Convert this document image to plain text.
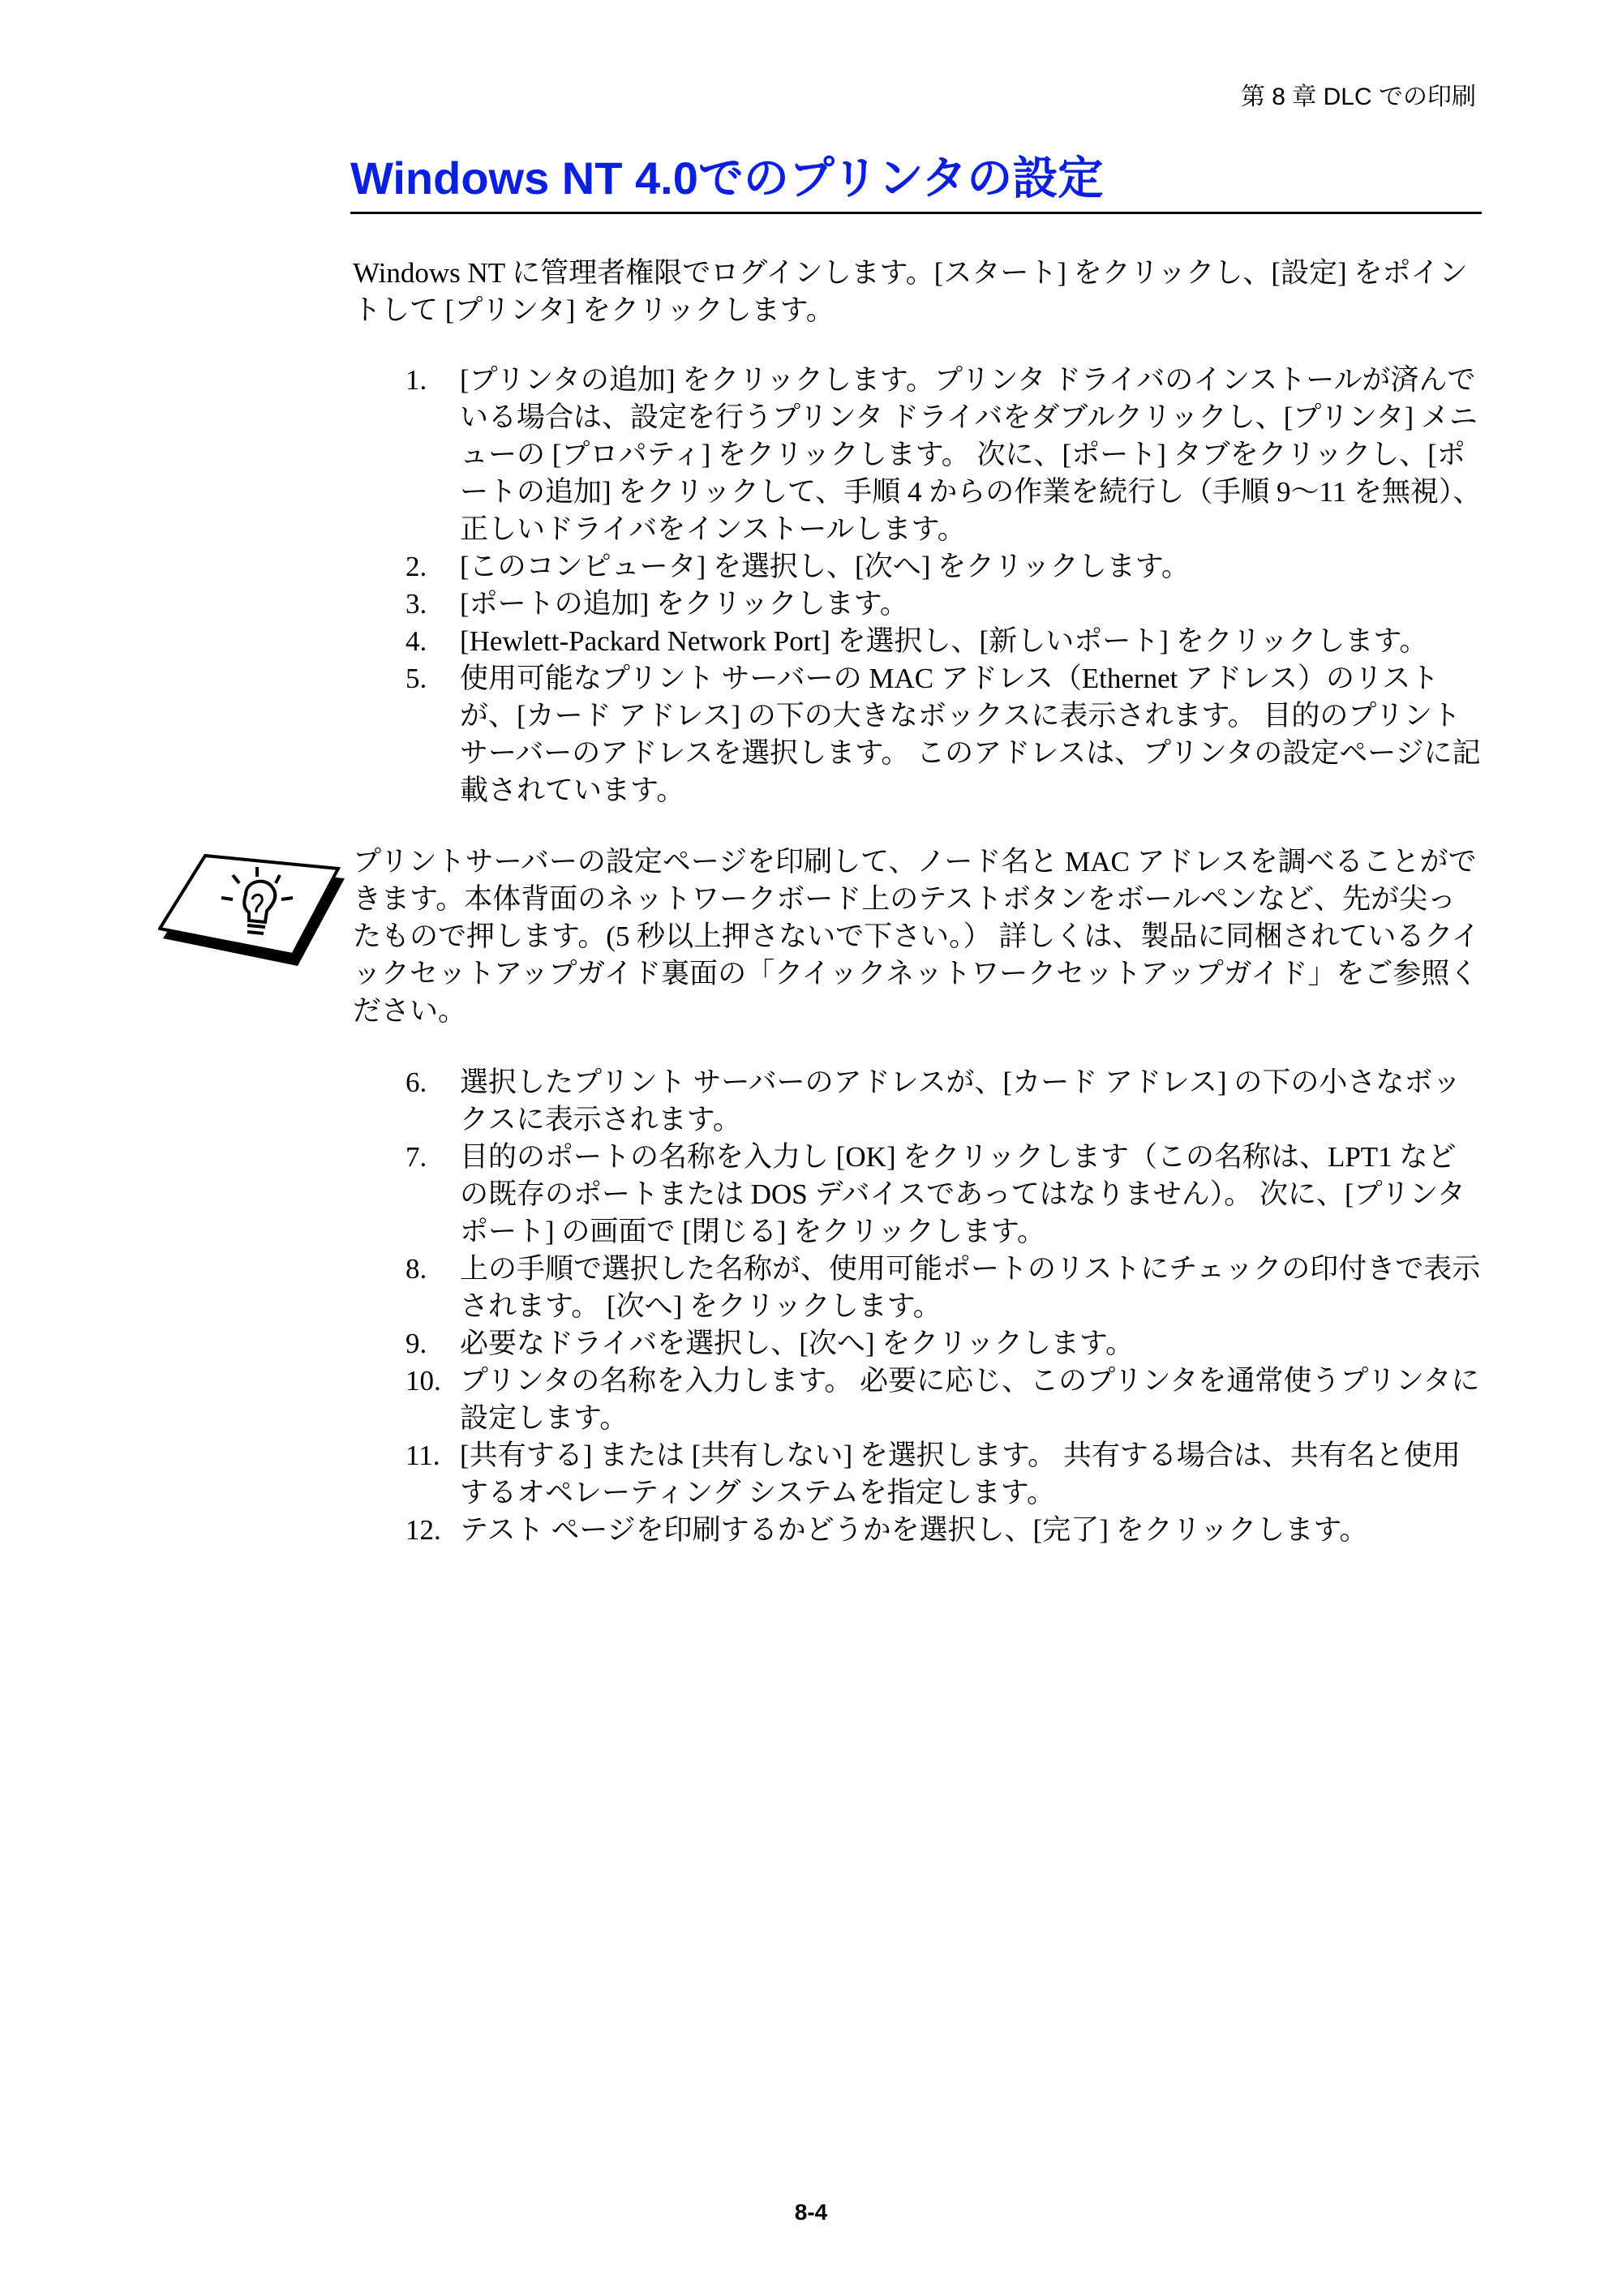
第 8 章 DLC での印刷
Windows NT 4.0でのプリンタの設定

Windows NT に管理者権限でログインします。[スタート] をクリックし、[設定] をポイントして [プリンタ] をクリックします。

1. [プリンタの追加] をクリックします。プリンタ ドライバのインストールが済んでいる場合は、設定を行うプリンタ ドライバをダブルクリックし、[プリンタ] メニューの [プロパティ] をクリックします。 次に、[ポート] タブをクリックし、[ポートの追加] をクリックして、手順 4 からの作業を続行し（手順 9～11 を無視）、正しいドライバをインストールします。
2. [このコンピュータ] を選択し、[次へ] をクリックします。
3. [ポートの追加] をクリックします。
4. [Hewlett-Packard Network Port] を選択し、[新しいポート] をクリックします。
5. 使用可能なプリント サーバーの MAC アドレス（Ethernet アドレス）のリストが、[カード アドレス] の下の大きなボックスに表示されます。 目的のプリント サーバーのアドレスを選択します。 このアドレスは、プリンタの設定ページに記載されています。

プリントサーバーの設定ページを印刷して、ノード名と MAC アドレスを調べることができます。本体背面のネットワークボード上のテストボタンをボールペンなど、先が尖ったもので押します。(5 秒以上押さないで下さい。） 詳しくは、製品に同梱されているクイックセットアップガイド裏面の「クイックネットワークセットアップガイド」をご参照ください。

6. 選択したプリント サーバーのアドレスが、[カード アドレス] の下の小さなボックスに表示されます。
7. 目的のポートの名称を入力し [OK] をクリックします（この名称は、LPT1 などの既存のポートまたは DOS デバイスであってはなりません）。 次に、[プリンタ ポート] の画面で [閉じる] をクリックします。
8. 上の手順で選択した名称が、使用可能ポートのリストにチェックの印付きで表示されます。 [次へ] をクリックします。
9. 必要なドライバを選択し、[次へ] をクリックします。
10. プリンタの名称を入力します。 必要に応じ、このプリンタを通常使うプリンタに設定します。
11. [共有する] または [共有しない] を選択します。 共有する場合は、共有名と使用するオペレーティング システムを指定します。
12. テスト ページを印刷するかどうかを選択し、[完了] をクリックします。
8-4
